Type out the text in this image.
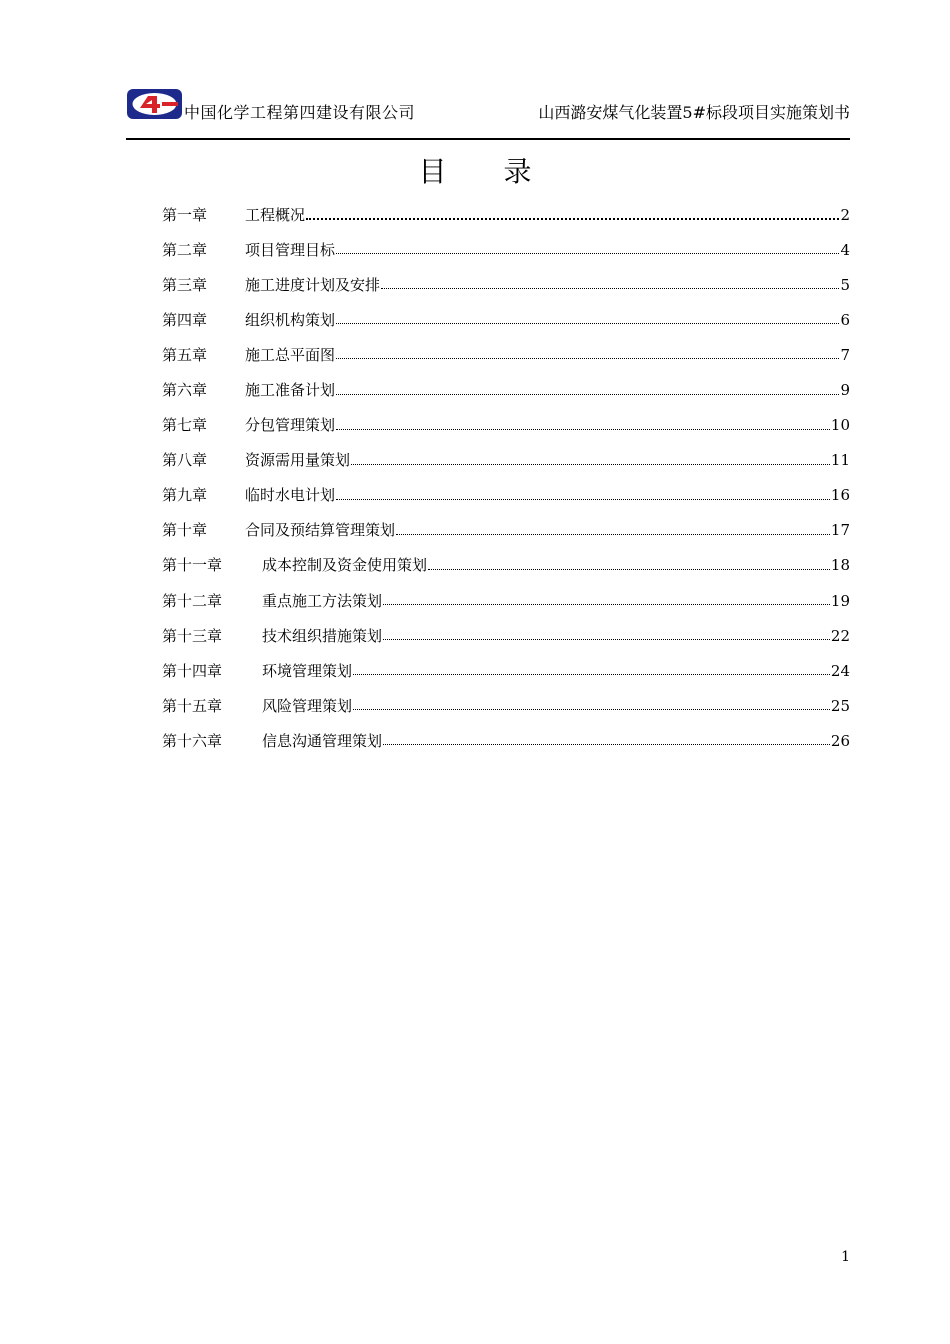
中国化学工程第四建设有限公司	山西潞安煤气化装置5#标段项目实施策划书
目 录
第一章	工程概况	2
第二章	项目管理目标	4
第三章	施工进度计划及安排	5
第四章	组织机构策划	6
第五章	施工总平面图	7
第六章	施工准备计划	9
第七章	分包管理策划	10
第八章	资源需用量策划	11
第九章	临时水电计划	16
第十章	合同及预结算管理策划	17
第十一章	成本控制及资金使用策划	18
第十二章	重点施工方法策划	19
第十三章	技术组织措施策划	22
第十四章	环境管理策划	24
第十五章	风险管理策划	25
第十六章	信息沟通管理策划	26
1
